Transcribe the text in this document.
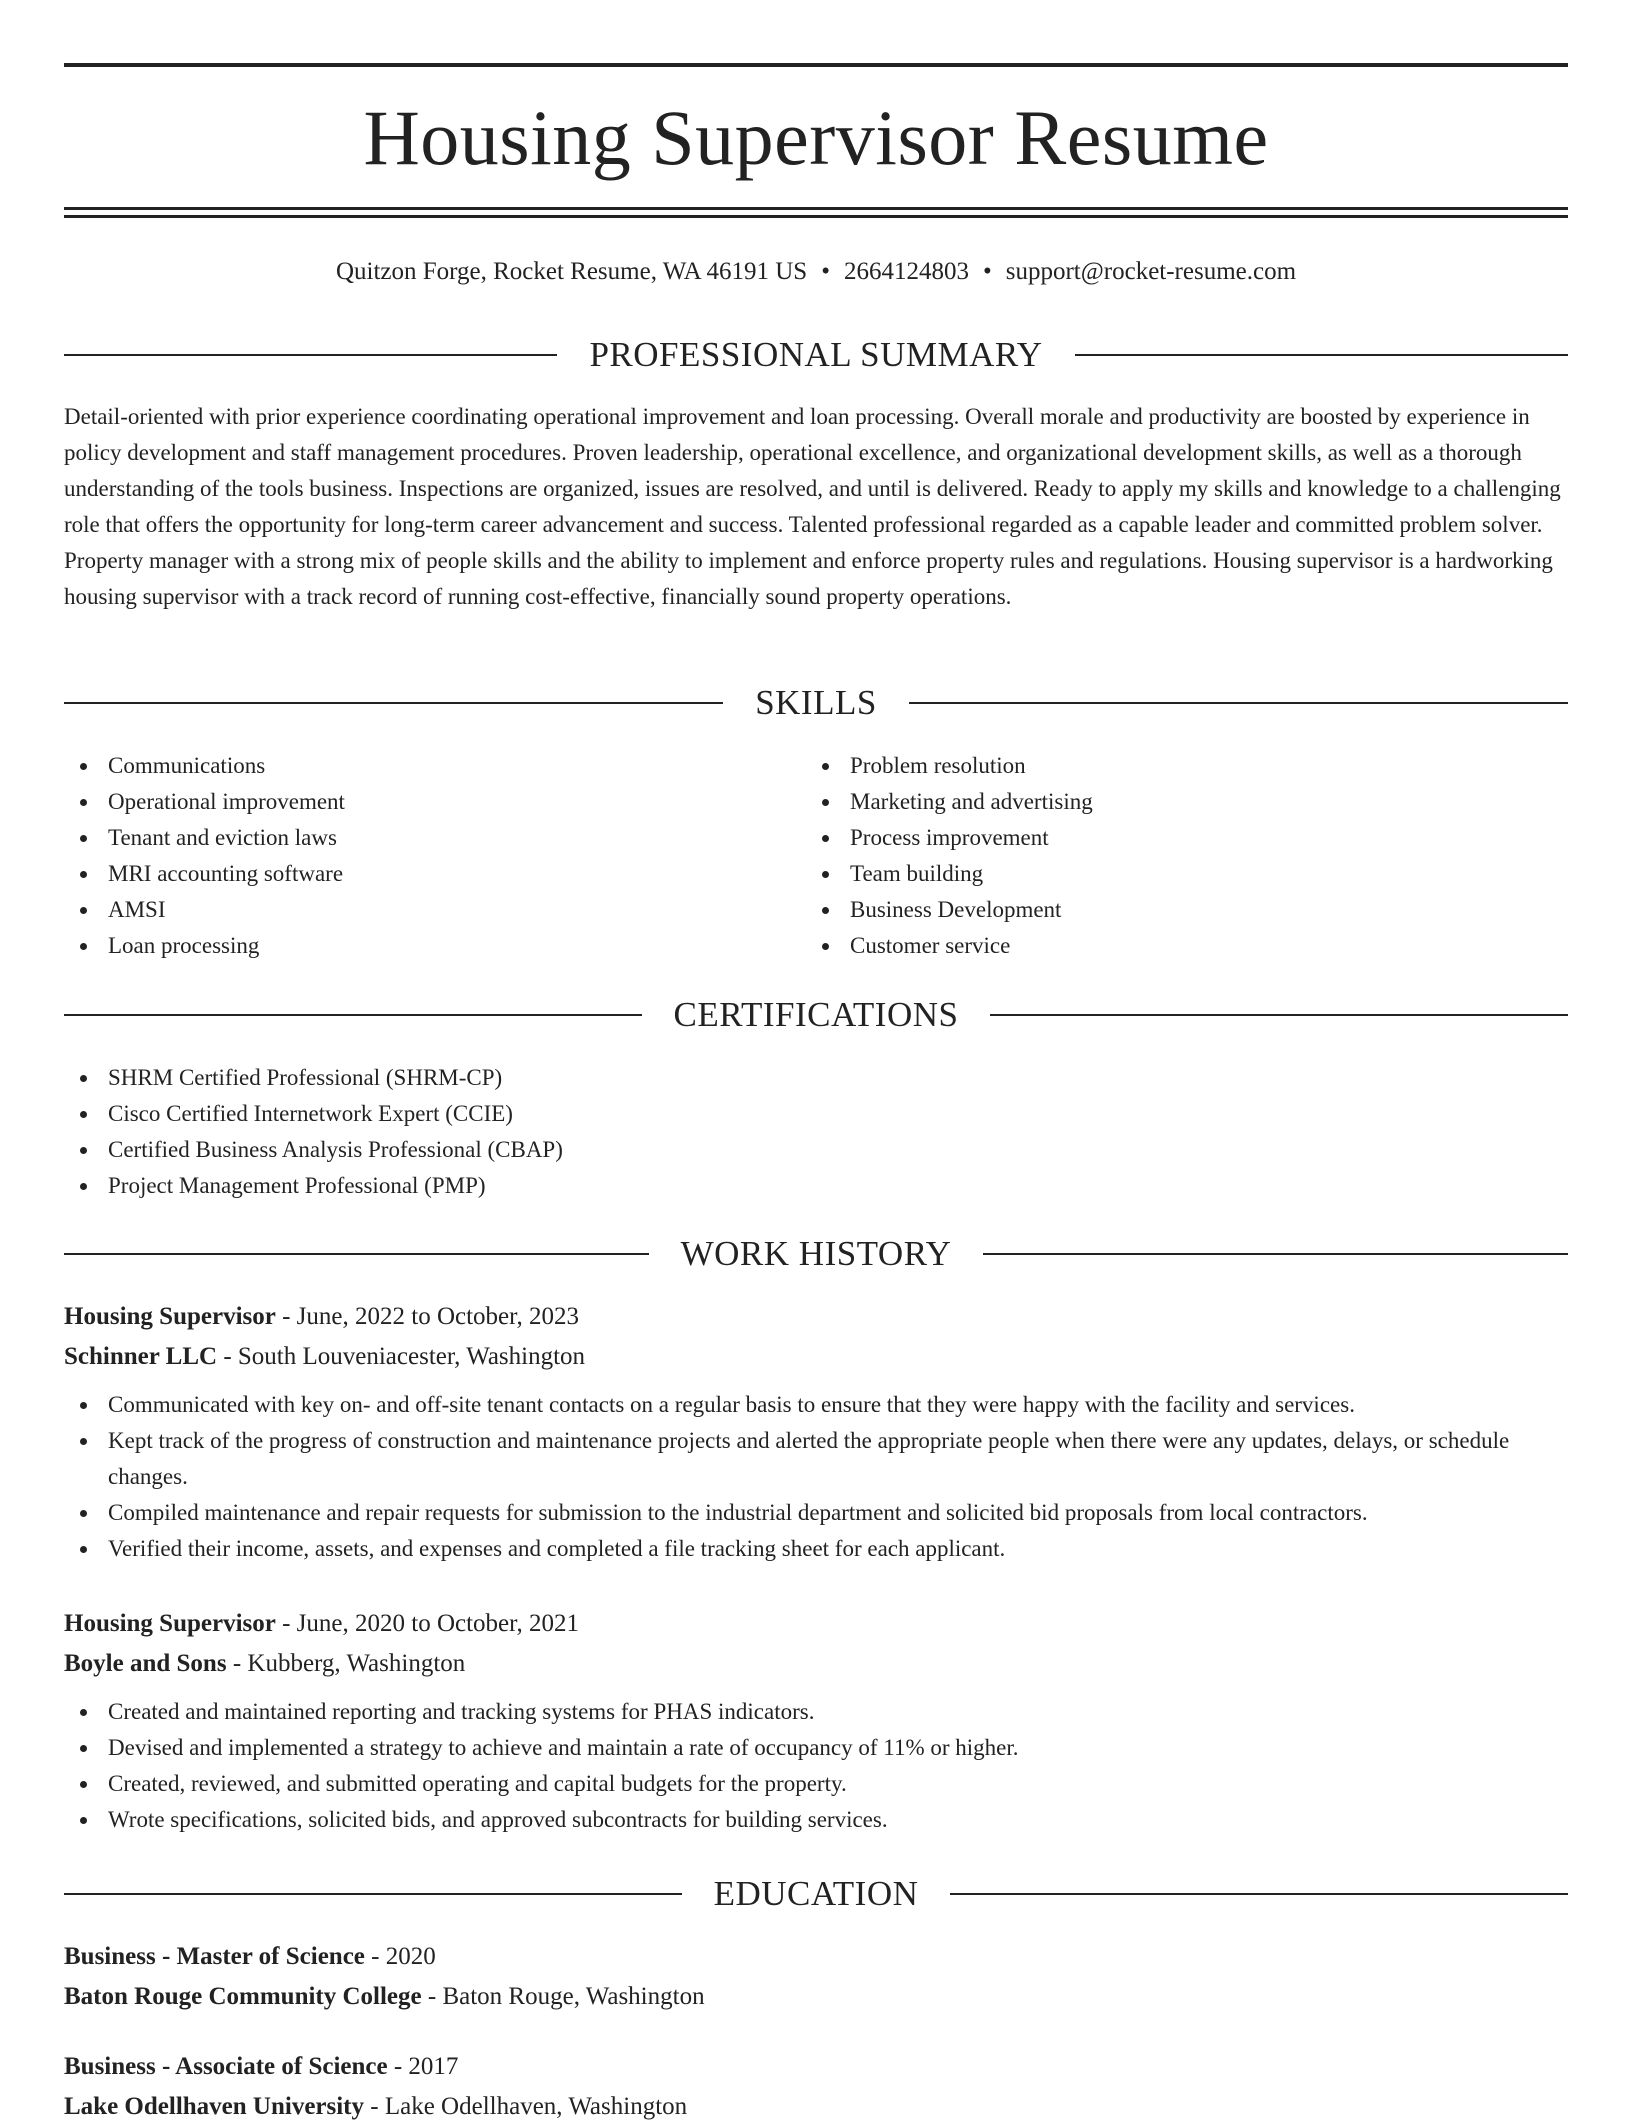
Housing Supervisor Resume
Quitzon Forge, Rocket Resume, WA 46191 US • 2664124803 • support@rocket-resume.com
PROFESSIONAL SUMMARY
Detail-oriented with prior experience coordinating operational improvement and loan processing. Overall morale and productivity are boosted by experience in policy development and staff management procedures. Proven leadership, operational excellence, and organizational development skills, as well as a thorough understanding of the tools business. Inspections are organized, issues are resolved, and until is delivered. Ready to apply my skills and knowledge to a challenging role that offers the opportunity for long-term career advancement and success. Talented professional regarded as a capable leader and committed problem solver. Property manager with a strong mix of people skills and the ability to implement and enforce property rules and regulations. Housing supervisor is a hardworking housing supervisor with a track record of running cost-effective, financially sound property operations.
SKILLS
Communications
Operational improvement
Tenant and eviction laws
MRI accounting software
AMSI
Loan processing
Problem resolution
Marketing and advertising
Process improvement
Team building
Business Development
Customer service
CERTIFICATIONS
SHRM Certified Professional (SHRM-CP)
Cisco Certified Internetwork Expert (CCIE)
Certified Business Analysis Professional (CBAP)
Project Management Professional (PMP)
WORK HISTORY
Housing Supervisor - June, 2022 to October, 2023
Schinner LLC - South Louveniacester, Washington
Communicated with key on- and off-site tenant contacts on a regular basis to ensure that they were happy with the facility and services.
Kept track of the progress of construction and maintenance projects and alerted the appropriate people when there were any updates, delays, or schedule changes.
Compiled maintenance and repair requests for submission to the industrial department and solicited bid proposals from local contractors.
Verified their income, assets, and expenses and completed a file tracking sheet for each applicant.
Housing Supervisor - June, 2020 to October, 2021
Boyle and Sons - Kubberg, Washington
Created and maintained reporting and tracking systems for PHAS indicators.
Devised and implemented a strategy to achieve and maintain a rate of occupancy of 11% or higher.
Created, reviewed, and submitted operating and capital budgets for the property.
Wrote specifications, solicited bids, and approved subcontracts for building services.
EDUCATION
Business - Master of Science - 2020
Baton Rouge Community College - Baton Rouge, Washington
Business - Associate of Science - 2017
Lake Odellhaven University - Lake Odellhaven, Washington
